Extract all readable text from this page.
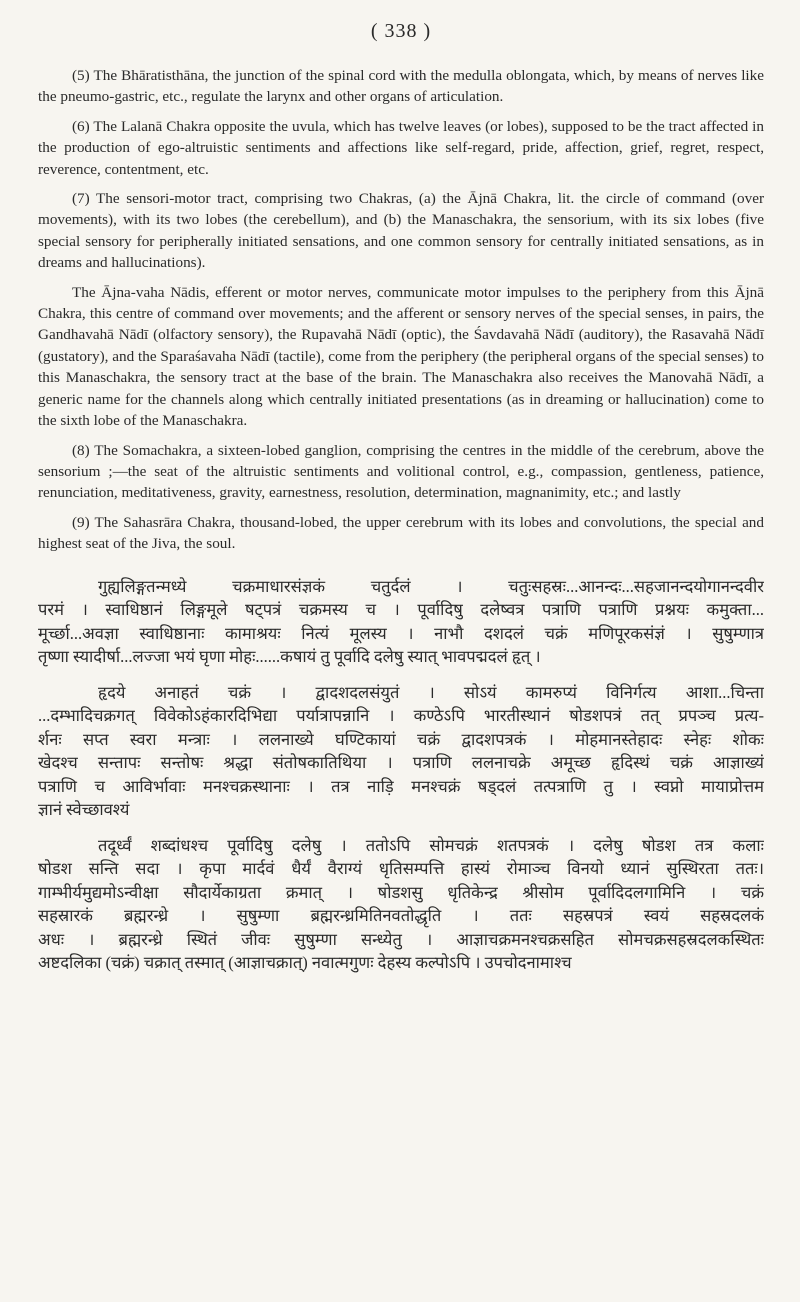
( 338 )

(5) The Bhāratisthāna, the junction of the spinal cord with the medulla oblongata, which, by means of nerves like the pneumo-gastric, etc., regulate the larynx and other organs of articulation.

(6) The Lalanā Chakra opposite the uvula, which has twelve leaves (or lobes), supposed to be the tract affected in the production of ego-altruistic sentiments and affections like self-regard, pride, affection, grief, regret, respect, reverence, contentment, etc.

(7) The sensori-motor tract, comprising two Chakras, (a) the Ājnā Chakra, lit. the circle of command (over movements), with its two lobes (the cerebellum), and (b) the Manaschakra, the sensorium, with its six lobes (five special sensory for peripherally initiated sensations, and one common sensory for centrally initiated sensations, as in dreams and hallucinations).

The Ājna-vaha Nādis, efferent or motor nerves, communicate motor impulses to the periphery from this Ājnā Chakra, this centre of command over movements; and the afferent or sensory nerves of the special senses, in pairs, the Gandhavahā Nādī (olfactory sensory), the Rupavahā Nādī (optic), the Śavdavahā Nādī (auditory), the Rasavahā Nādī (gustatory), and the Sparaśavaha Nādī (tactile), come from the periphery (the peripheral organs of the special senses) to this Manaschakra, the sensory tract at the base of the brain. The Manaschakra also receives the Manovahā Nādī, a generic name for the channels along which centrally initiated presentations (as in dreaming or hallucination) come to the sixth lobe of the Manaschakra.

(8) The Somachakra, a sixteen-lobed ganglion, comprising the centres in the middle of the cerebrum, above the sensorium ;—the seat of the altruistic sentiments and volitional control, e.g., compassion, gentleness, patience, renunciation, meditativeness, gravity, earnestness, resolution, determination, magnanimity, etc.; and lastly

(9) The Sahasrāra Chakra, thousand-lobed, the upper cerebrum with its lobes and convolutions, the special and highest seat of the Jiva, the soul.

गुह्यलिङ्गतन्मध्ये चक्रमाधारसंज्ञकं चतुर्दलं । चतुःसहस्रः...आनन्दः...सहजानन्दयोगानन्दवीर

परमं । स्वाधिष्ठानं लिङ्गमूले षट्पत्रं चक्रमस्य च । पूर्वादिषु दलेष्वत्र पत्राणि पत्राणि प्रश्नयः कमुक्ता...

मूर्च्छा...अवज्ञा स्वाधिष्ठानाः कामाश्रयः नित्यं मूलस्य । नाभौ दशदलं चक्रं मणिपूरकसंज्ञं । सुषुम्णात्र

तृष्णा स्यादीर्षा...लज्जा भयं घृणा मोहः......कषायं तु पूर्वादि दलेषु स्यात् भावपद्मदलं हृत् ।

हृदये अनाहतं चक्रं । द्वादशदलसंयुतं । सोऽयं कामरुप्यं विनिर्गत्य आशा...चिन्ता

...दम्भादिचक्रगत् विवेकोऽहंकारदिभिद्या पर्यात्रापन्नानि । कण्ठेऽपि भारतीस्थानं षोडशपत्रं तत् प्रपञ्च प्रत्य-

र्शनः सप्त स्वरा मन्त्राः । ललनाख्ये घण्टिकायां चक्रं द्वादशपत्रकं । मोहमानस्तेहादः स्नेहः शोकः

खेदश्च सन्तापः सन्तोषः श्रद्धा संतोषकातिथिया । पत्राणि ललनाचक्रे अमूच्छ हृदिस्थं चक्रं आज्ञाख्यं

पत्राणि च आविर्भावाः मनश्चक्रस्थानाः । तत्र नाड़ि मनश्चक्रं षड्दलं तत्पत्राणि तु । स्वप्नो मायाप्रोत्तम

ज्ञानं स्वेच्छावश्यं

तदूर्ध्वं शब्दांधश्च पूर्वादिषु दलेषु । ततोऽपि सोमचक्रं शतपत्रकं । दलेषु षोडश तत्र कलाः

षोडश सन्ति सदा । कृपा मार्दवं धैर्यं वैराग्यं धृतिसम्पत्ति हास्यं रोमाञ्च विनयो ध्यानं सुस्थिरता ततः।

गाम्भीर्यमुद्यमोऽन्वीक्षा सौदार्येकाग्रता क्रमात् । षोडशसु धृतिकेन्द्र श्रीसोम पूर्वादिदलगामिनि । चक्रं

सहस्रारकं ब्रह्मरन्ध्रे । सुषुम्णा ब्रह्मरन्ध्रमितिनवतोद्धृति । ततः सहस्रपत्रं स्वयं सहस्रदलकं

अधः । ब्रह्मरन्ध्रे स्थितं जीवः सुषुम्णा सन्ध्येतु । आज्ञाचक्रमनश्चक्रसहित सोमचक्रसहस्रदलकस्थितः

अष्टदलिका (चक्रं) चक्रात् तस्मात् (आज्ञाचक्रात्) नवात्मगुणः देहस्य कल्पोऽपि । उपचोदनामाश्च
